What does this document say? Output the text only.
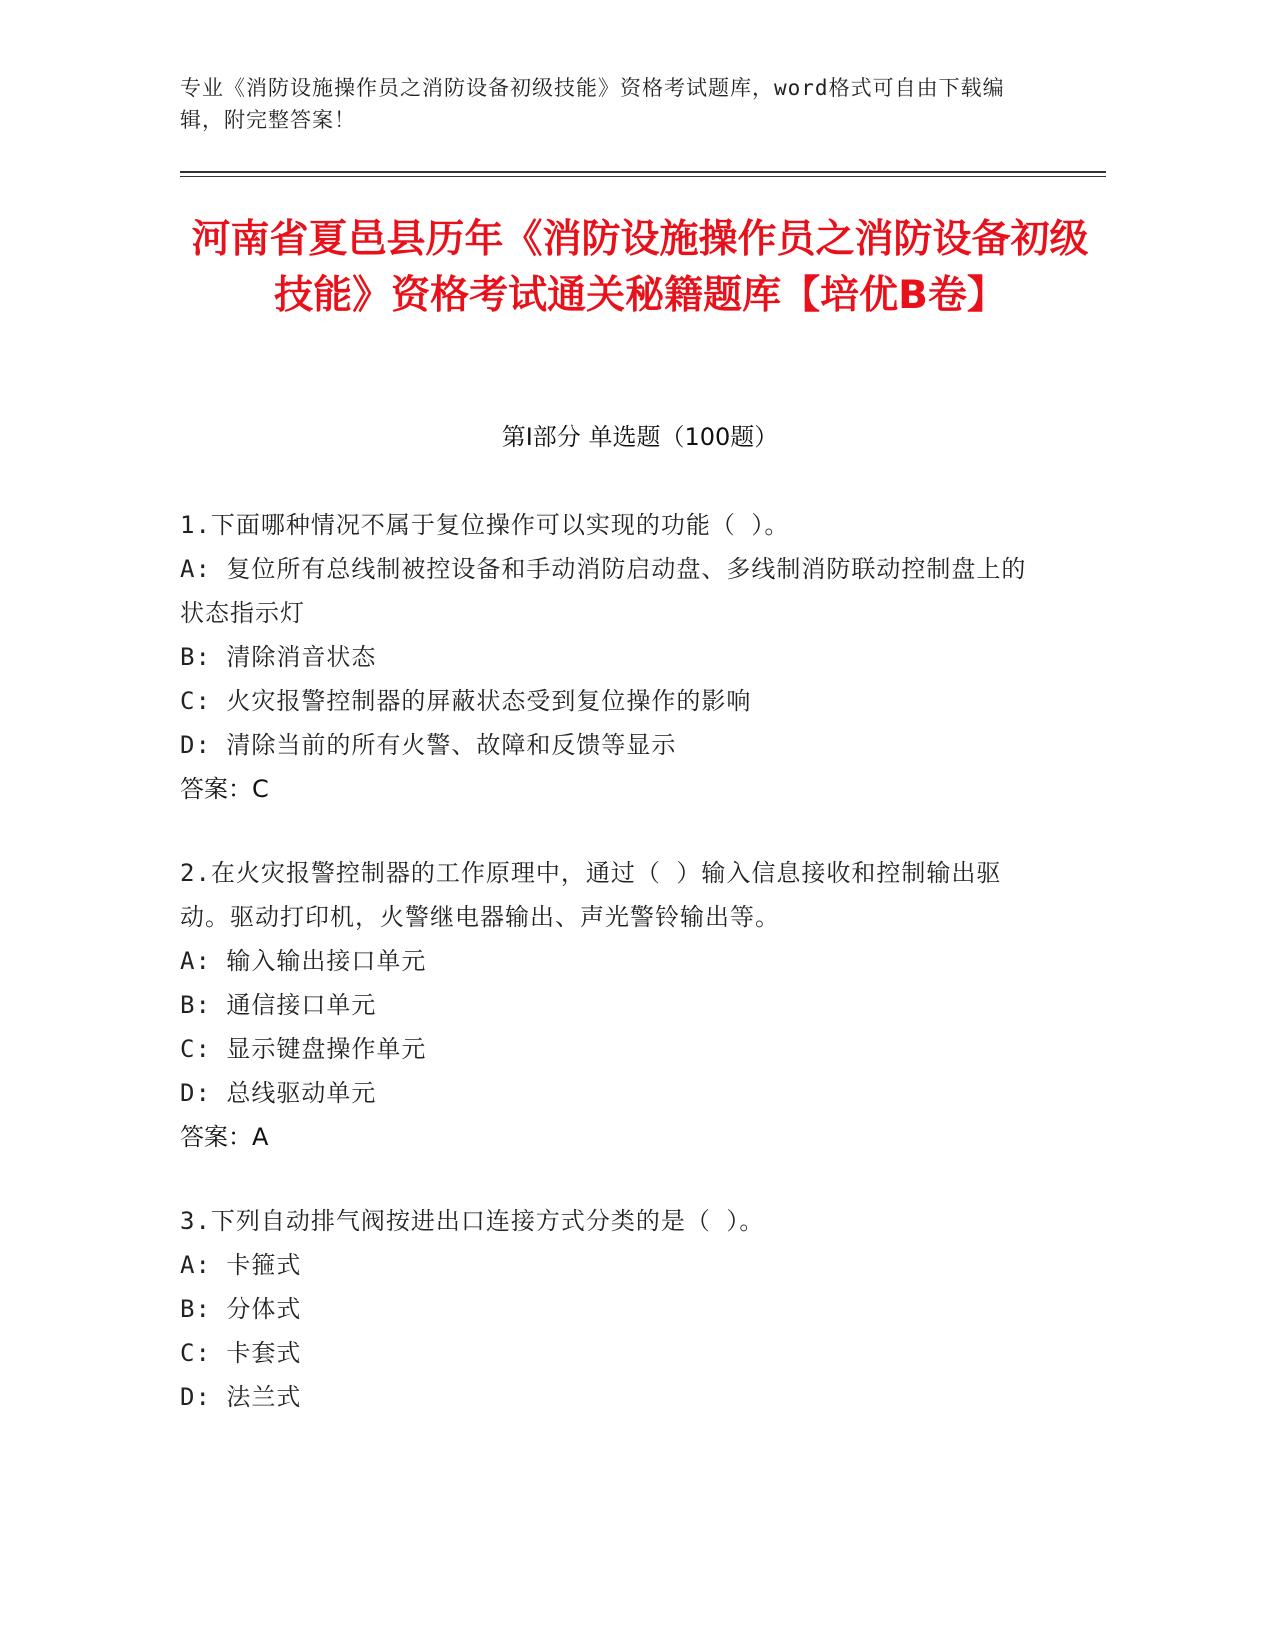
专业《消防设施操作员之消防设备初级技能》资格考试题库，word格式可自由下载编辑，附完整答案！
河南省夏邑县历年《消防设施操作员之消防设备初级技能》资格考试通关秘籍题库【培优B卷】
第I部分 单选题（100题）
1.下面哪种情况不属于复位操作可以实现的功能（ ）。
A: 复位所有总线制被控设备和手动消防启动盘、多线制消防联动控制盘上的状态指示灯
B: 清除消音状态
C: 火灾报警控制器的屏蔽状态受到复位操作的影响
D: 清除当前的所有火警、故障和反馈等显示
答案：C
2.在火灾报警控制器的工作原理中，通过（ ）输入信息接收和控制输出驱动。驱动打印机，火警继电器输出、声光警铃输出等。
A: 输入输出接口单元
B: 通信接口单元
C: 显示键盘操作单元
D: 总线驱动单元
答案：A
3.下列自动排气阀按进出口连接方式分类的是（ ）。
A: 卡箍式
B: 分体式
C: 卡套式
D: 法兰式
